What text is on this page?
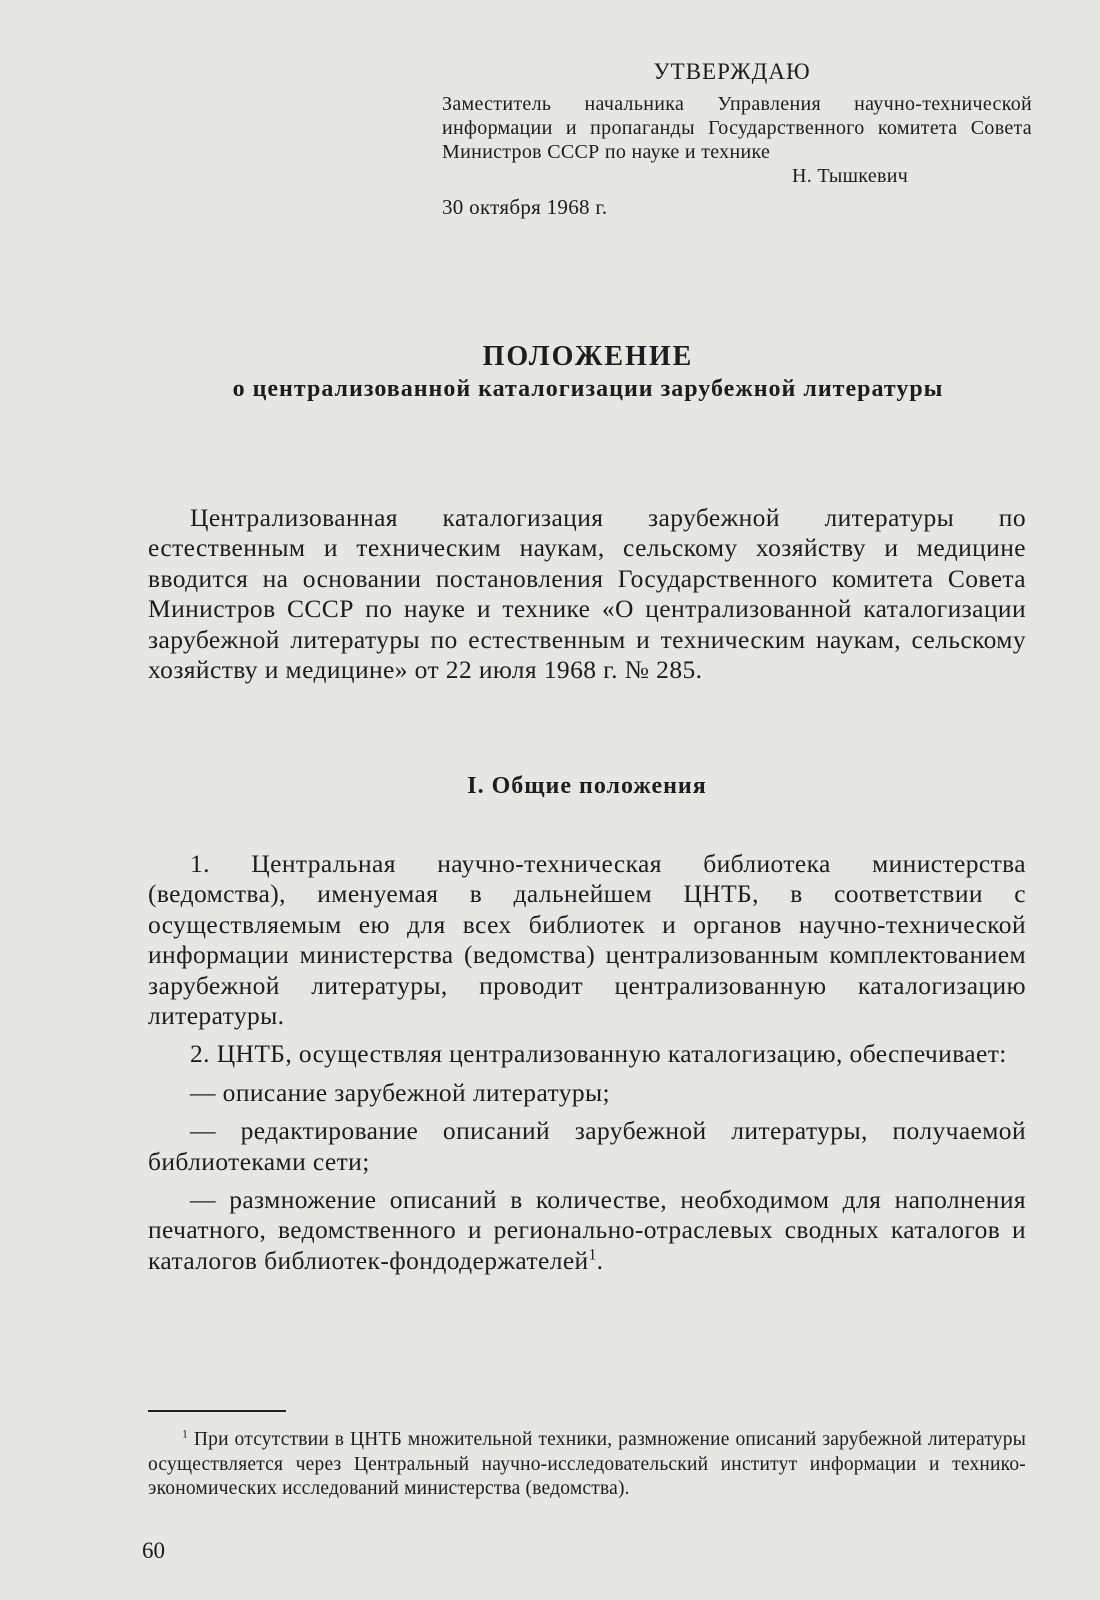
УТВЕРЖДАЮ
Заместитель начальника Управления научно-технической информации и пропаганды Государственного комитета Совета Министров СССР по науке и технике
Н. Тышкевич
30 октября 1968 г.
ПОЛОЖЕНИЕ
о централизованной каталогизации зарубежной литературы

Централизованная каталогизация зарубежной литературы по естественным и техническим наукам, сельскому хозяйству и медицине вводится на основании постановления Государственного комитета Совета Министров СССР по науке и технике «О централизованной каталогизации зарубежной литературы по естественным и техническим наукам, сельскому хозяйству и медицине» от 22 июля 1968 г. № 285.

I. Общие положения

1. Центральная научно-техническая библиотека министерства (ведомства), именуемая в дальнейшем ЦНТБ, в соответствии с осуществляемым ею для всех библиотек и органов научно-технической информации министерства (ведомства) централизованным комплектованием зарубежной литературы, проводит централизованную каталогизацию литературы.

2. ЦНТБ, осуществляя централизованную каталогизацию, обеспечивает:

— описание зарубежной литературы;

— редактирование описаний зарубежной литературы, получаемой библиотеками сети;

— размножение описаний в количестве, необходимом для наполнения печатного, ведомственного и регионально-отраслевых сводных каталогов и каталогов библиотек-фондодержателей$^1$.

$^1$ При отсутствии в ЦНТБ множительной техники, размножение описаний зарубежной литературы осуществляется через Центральный научно-исследовательский институт информации и технико-экономических исследований министерства (ведомства).

60
